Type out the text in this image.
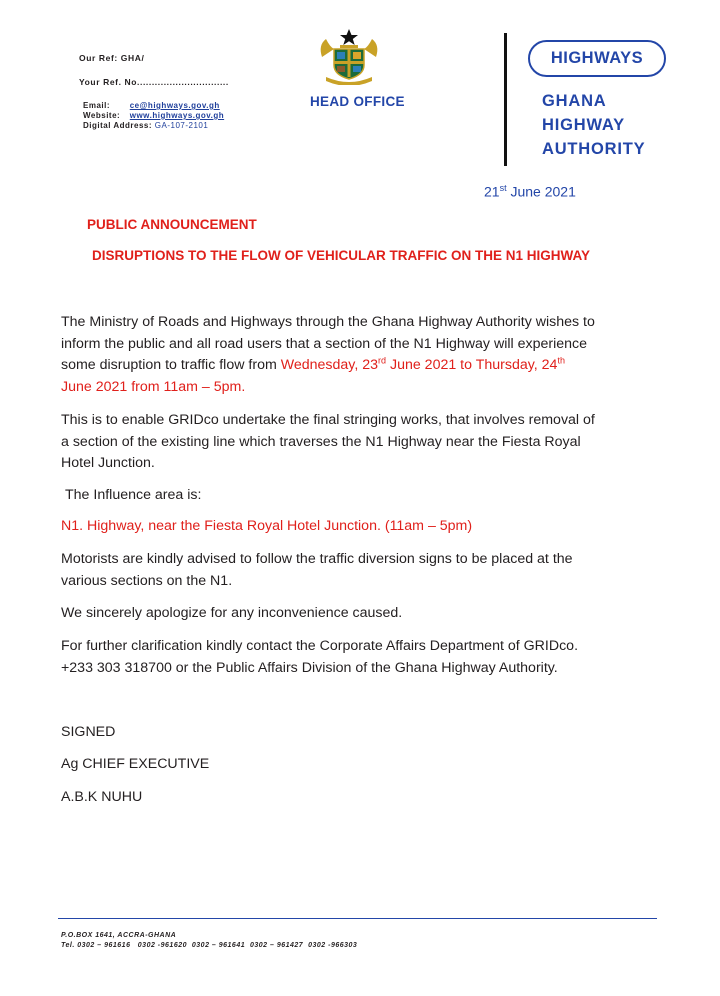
Our Ref: GHA/
Your Ref. No...............................
Email: ce@highways.gov.gh
Website: www.highways.gov.gh
Digital Address: GA-107-2101
HEAD OFFICE
HIGHWAYS
GHANA
HIGHWAY
AUTHORITY
21st June 2021
PUBLIC ANNOUNCEMENT
DISRUPTIONS TO THE FLOW OF VEHICULAR TRAFFIC ON THE N1 HIGHWAY
The Ministry of Roads and Highways through the Ghana Highway Authority wishes to
inform the public and all road users that a section of the N1 Highway will experience
some disruption to traffic flow from Wednesday, 23rd June 2021 to Thursday, 24th
June 2021 from 11am – 5pm.
This is to enable GRIDco undertake the final stringing works, that involves removal of
a section of the existing line which traverses the N1 Highway near the Fiesta Royal
Hotel Junction.
The Influence area is:
N1. Highway, near the Fiesta Royal Hotel Junction. (11am – 5pm)
Motorists are kindly advised to follow the traffic diversion signs to be placed at the
various sections on the N1.
We sincerely apologize for any inconvenience caused.
For further clarification kindly contact the Corporate Affairs Department of GRIDco.
+233 303 318700 or the Public Affairs Division of the Ghana Highway Authority.
SIGNED
Ag CHIEF EXECUTIVE
A.B.K NUHU
P.O.BOX 1641, ACCRA-GHANA
Tel. 0302 – 961616   0302 -961620  0302 – 961641  0302 – 961427  0302 -966303
